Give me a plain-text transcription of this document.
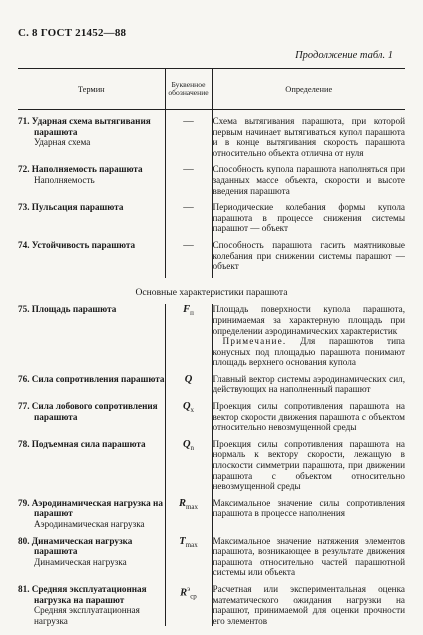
С. 8 ГОСТ 21452—88
Продолжение табл. 1
Термин	Буквенное обозначение	Определение

71. Ударная схема вытягивания парашюта
Ударная схема	—	Схема вытягивания парашюта, при которой первым начинает вытягиваться купол парашюта и в конце вытягивания скорость парашюта относительно объекта отлична от нуля

72. Наполняемость парашюта
Наполняемость	—	Способность купола парашюта наполняться при заданных массе объекта, скорости и высоте введения парашюта

73. Пульсация парашюта	—	Периодические колебания формы купола парашюта в процессе снижения системы парашют — объект

74. Устойчивость парашюта	—	Способность парашюта гасить маятниковые колебания при снижении системы парашют — объект

Основные характеристики парашюта		

75. Площадь парашюта	$F_п$	Площадь поверхности купола парашюта, принимаемая за характерную площадь при определении аэродинамических характеристик
Примечание. Для парашютов типа конусных под площадью парашюта понимают площадь верхнего основания купола

76. Сила сопротивления парашюта	Q	Главный вектор системы аэродинамических сил, действующих на наполненный парашют

77. Сила лобового сопротивления парашюта	$Q_x$	Проекция силы сопротивления парашюта на вектор скорости движения парашюта с объектом относительно невозмущенной среды

78. Подъемная сила парашюта	$Q_n$	Проекция силы сопротивления парашюта на нормаль к вектору скорости, лежащую в плоскости симметрии парашюта, при движении парашюта с объектом относительно невозмущенной среды

79. Аэродинамическая нагрузка на парашют
Аэродинамическая нагрузка	$R_{max}$	Максимальное значение силы сопротивления парашюта в процессе наполнения

80. Динамическая нагрузка парашюта
Динамическая нагрузка	$T_{max}$	Максимальное значение натяжения элементов парашюта, возникающее в результате движения парашюта относительно частей парашютной системы или объекта

81. Средняя эксплуатационная нагрузка на парашют
Средняя эксплуатационная нагрузка	$R^э_{ср}$	Расчетная или экспериментальная оценка математического ожидания нагрузки на парашют, принимаемой для оценки прочности его элементов
